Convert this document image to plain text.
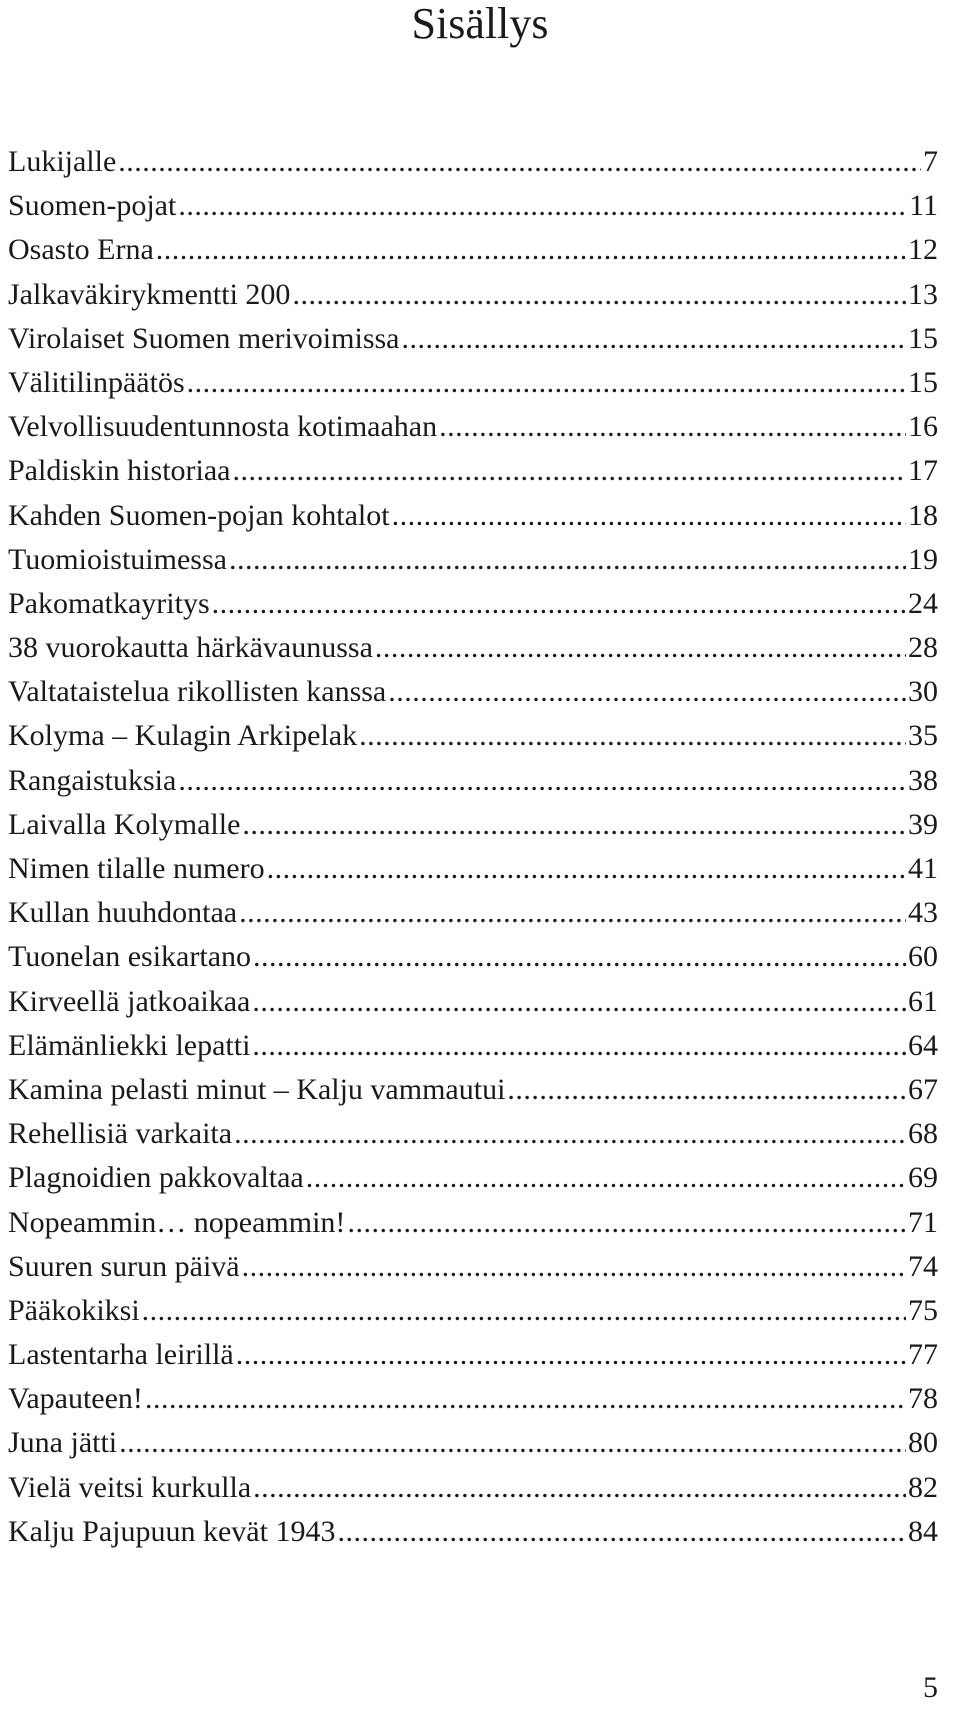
Sisällys
Lukijalle .....	7
Suomen-pojat .....	11
Osasto Erna .....	12
Jalkaväkirykmentti 200 .....	13
Virolaiset Suomen merivoimissa .....	15
Välitilinpäätös .....	15
Velvollisuudentunnosta kotimaahan .....	16
Paldiskin historiaa .....	17
Kahden Suomen-pojan kohtalot .....	18
Tuomioistuimessa .....	19
Pakomatkayritys .....	24
38 vuorokautta härkävaunussa .....	28
Valtataistelua rikollisten kanssa .....	30
Kolyma – Kulagin Arkipelak .....	35
Rangaistuksia .....	38
Laivalla Kolymalle .....	39
Nimen tilalle numero .....	41
Kullan huuhdontaa .....	43
Tuonelan esikartano .....	60
Kirveellä jatkoaikaa .....	61
Elämänliekki lepatti .....	64
Kamina pelasti minut – Kalju vammautui .....	67
Rehellisiä varkaita .....	68
Plagnoidien pakkovaltaa .....	69
Nopeammin… nopeammin! .....	71
Suuren surun päivä .....	74
Pääkokiksi .....	75
Lastentarha leirillä .....	77
Vapauteen! .....	78
Juna jätti .....	80
Vielä veitsi kurkulla .....	82
Kalju Pajupuun kevät 1943 .....	84
5
